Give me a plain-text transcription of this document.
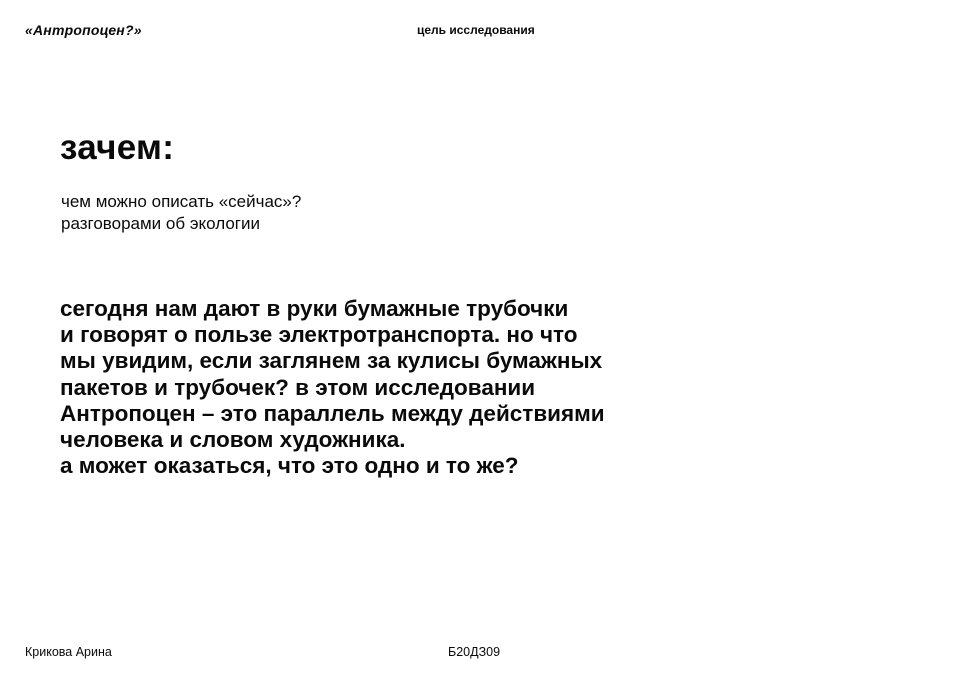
«Антропоцен?»	цель исследования
зачем:
чем можно описать «сейчас»?
разговорами об экологии
сегодня нам дают в руки бумажные трубочки
и говорят о пользе электротранспорта. но что
мы увидим, если заглянем за кулисы бумажных
пакетов и трубочек? в этом исследовании
Антропоцен – это параллель между действиями
человека и словом художника.
а может оказаться, что это одно и то же?
Крикова Арина	Б20ДЗ09
